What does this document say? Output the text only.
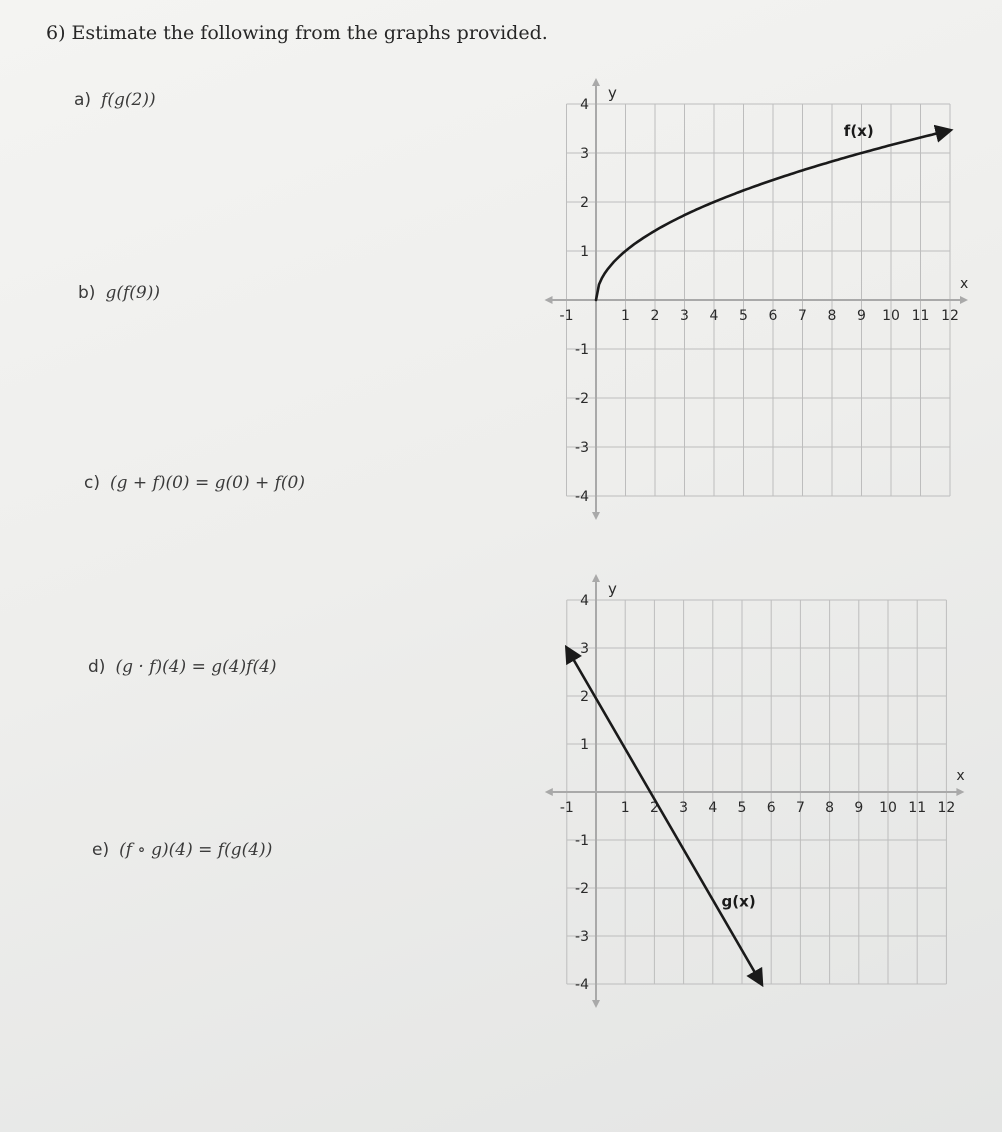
6) Estimate the following from the graphs provided.
a) f(g(2))
b) g(f(9))
c) (g + f)(0) = g(0) + f(0)
d) (g · f)(4) = g(4)f(4)
e) (f ∘ g)(4) = f(g(4))
y
x
-1	1 2 3 4 5 6 7 8 9 10 11 12
4
3
2
1
-1
-2
-3
-4
f(x)
y
x
-1	1 2 3 4 5 6 7 8 9 10 11 12
4
3
2
1
-1
-2
-3
-4
g(x)
